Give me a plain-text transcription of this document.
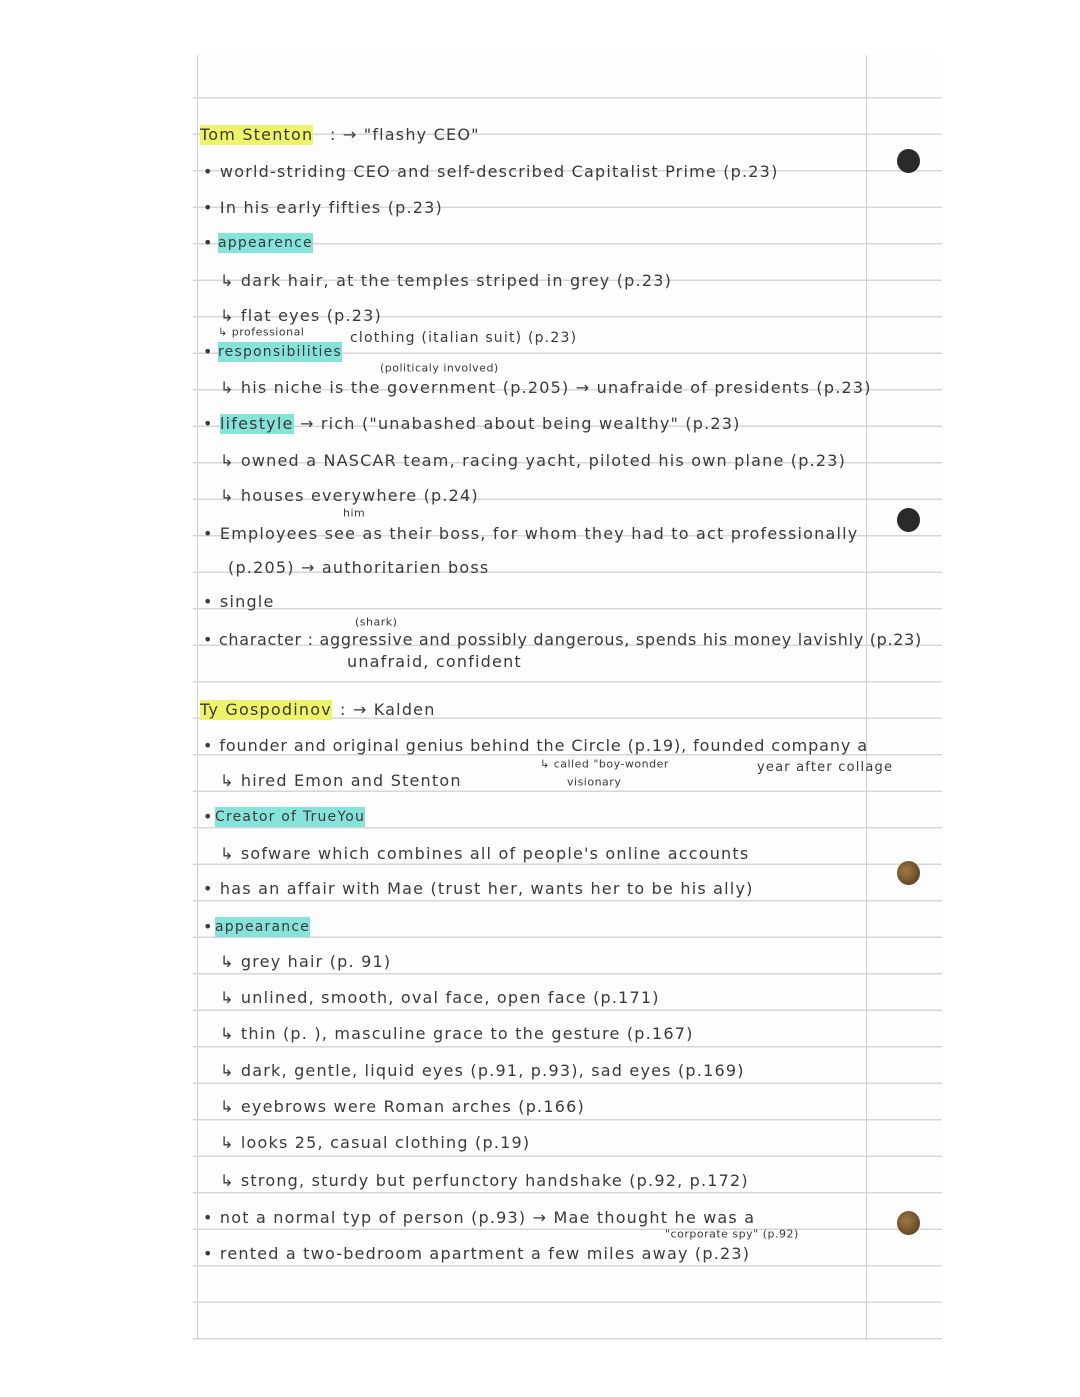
Tom Stenton : → "flashy CEO"
• world-striding CEO and self-described Capitalist Prime (p.23)
• In his early fifties (p.23)
• appearence
↳ dark hair, at the temples striped in grey (p.23)
↳ flat eyes (p.23)
↳ professional	clothing (italian suit) (p.23)
• responsibilities
(politicaly involved)
↳ his niche is the government (p.205) → unafraide of presidents (p.23)
• lifestyle → rich ("unabashed about being wealthy" (p.23)
↳ owned a NASCAR team, racing yacht, piloted his own plane (p.23)
↳ houses everywhere (p.24)
him
• Employees see as their boss, for whom they had to act professionally
(p.205) → authoritarien boss
• single
(shark)
• character : aggressive and possibly dangerous, spends his money lavishly (p.23)
unafraid, confident
Ty Gospodinov : → Kalden
• founder and original genius behind the Circle (p.19), founded company a
↳ called "boy-wonder
visionary
year after collage
↳ hired Emon and Stenton
• Creator of TrueYou
↳ sofware which combines all of people's online accounts
• has an affair with Mae (trust her, wants her to be his ally)
• appearance
↳ grey hair (p. 91)
↳ unlined, smooth, oval face, open face (p.171)
↳ thin (p. ), masculine grace to the gesture (p.167)
↳ dark, gentle, liquid eyes (p.91, p.93), sad eyes (p.169)
↳ eyebrows were Roman arches (p.166)
↳ looks 25, casual clothing (p.19)
↳ strong, sturdy but perfunctory handshake (p.92, p.172)
• not a normal typ of person (p.93) → Mae thought he was a
"corporate spy" (p.92)
• rented a two-bedroom apartment a few miles away (p.23)
